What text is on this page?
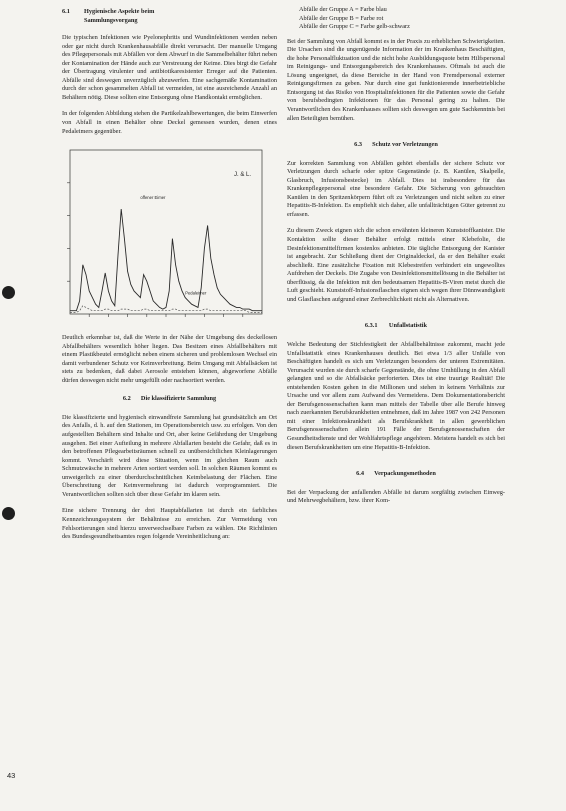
6.1	Hygienische Aspekte beim
Sammlungsvorgang

Die typischen Infektionen wie Pyelonephritis und Wundinfektionen werden neben oder gar nicht durch Krankenhausabfälle direkt verursacht. Der manuelle Umgang des Pflegepersonals mit Abfällen vor dem Abwurf in die Sammelbehälter führt neben der Kontamination der Hände auch zur Verstreuung der Keime. Dies birgt die Gefahr der Übertragung virulenter und antibiotikaresistenter Erreger auf die Patienten. Abfälle sind deswegen unverzüglich abzuwerfen. Eine sachgemäße Kontamination durch der schon gesammelten Abfall ist vermeiden, ist eine ausreichende Anzahl an Behältern nötig. Diese sollten eine Entsorgung ohne Handkontakt ermöglichen.

In der folgenden Abbildung stehen die Partikelzahlbewertungen, die beim Einwerfen von Abfall in einen Behälter ohne Deckel gemessen wurden, denen eines Pedaleimers gegenüber.

J. & L.
offener Eimer
Pedaleimer

Deutlich erkennbar ist, daß die Werte in der Nähe der Umgebung des deckellosen Abfallbehälters wesentlich höher liegen. Das Besitzen eines Abfallbehälters mit einem Plastikbeutel ermöglicht neben einem sicheren und problemlosen Wechsel ein damit verbundener Schutz vor Keimverbreitung. Beim Umgang mit Abfallsäcken ist stets zu bedenken, daß dabei Aerosole entstehen können, abgeworfene Abfälle dürfen deswegen nicht mehr umgefüllt oder nachsortiert werden.

6.2	Die klassifizierte Sammlung

Die klassifizierte und hygienisch einwandfreie Sammlung hat grundsätzlich am Ort des Anfalls, d. h. auf den Stationen, im Operationsbereich usw. zu erfolgen. Von den aufgestellten Behältern sind Inhalte und Ort, aber keine Gefährdung der Umgebung ausgehen. Bei einer Aufteilung in mehrere Abfallarten besteht die Gefahr, daß es in den betroffenen Pflegearbeitsräumen schnell zu unübersichtlichen Kleinlagerungen kommt. Verschärft wird diese Situation, wenn im gleichen Raum auch Schmutzwäsche in mehrere Arten sortiert werden soll. In solchen Räumen kommt es unweigerlich zu einer überdurchschnittlichen Keimbelastung der Flächen. Eine Überschreitung der Keimvermehrung ist dadurch vorprogrammiert. Die Verantwortlichen sollten sich über diese Gefahr im klaren sein.

Eine sichere Trennung der drei Hauptabfallarten ist durch ein farbliches Kennzeichnungssystem der Behältnisse zu erreichen. Zur Vermeidung von Fehlsortierungen sind hierzu unverwechselbare Farben zu wählen. Die Richtlinien des Bundesgesundheitsamtes regen folgende Vereinheitlichung an:

Abfälle der Gruppe A = Farbe blau
Abfälle der Gruppe B = Farbe rot
Abfälle der Gruppe C = Farbe gelb-schwarz

Bei der Sammlung von Abfall kommt es in der Praxis zu erheblichen Schwierigkeiten. Die Ursachen sind die ungenügende Information der im Krankenhaus Beschäftigten, die hohe Personalfluktuation und die nicht hohe Ausbildungsquote beim Hilfspersonal im Reinigungs- und Entsorgungsbereich des Krankenhauses. Oftmals ist auch die Lösung ungeeignet, da diese Bereiche in der Hand von Fremdpersonal externer Reinigungsfirmen zu geben. Nur durch eine gut funktionierende innerbetriebliche Entsorgung ist das Risiko von Hospitalinfektionen für die Patienten sowie die Gefahr von berufsbedingten Infektionen für das Personal gering zu halten. Die Verantwortlichen des Krankenhauses sollten sich deswegen um gute Sachkenntnis bei allen Beteiligten bemühen.

6.3	Schutz vor Verletzungen

Zur korrekten Sammlung von Abfällen gehört ebenfalls der sichere Schutz vor Verletzungen durch scharfe oder spitze Gegenstände (z. B. Kanülen, Skalpelle, Glasbruch, Infusionsbestecke) im Abfall. Dies ist insbesondere für das Krankenpflegepersonal eine besondere Gefahr. Die Sicherung von gebrauchten Kanülen in den Spritzenkörpern führt oft zu Verletzungen und nicht selten zu einer Hepatitis-B-Infektion. Es empfiehlt sich daher, alle unfallträchtigen Güter getrennt zu erfassen.

Zu diesem Zweck eignen sich die schon erwähnten kleineren Kunststoffkanister. Die Kontaktion sollte dieser Behälter erfolgt mittels einer Klebefolie, die Desinfektionsmittelfirmen kostenlos anbieten. Die tägliche Entsorgung der Kanister ist angebracht. Zur Schließung dient der Originaldeckel, da er den Behälter exakt abschließt. Eine zusätzliche Fixation mit Klebestreifen verhindert ein ungewolltes Aufdrehen der Deckels. Die Zugabe von Desinfektionsmittellösung in die Behälter ist überflüssig, da die Infektion mit den bedeutsamen Hepatitis-B-Viren meist durch die Luft geschieht. Kunststoff-Infusionsflaschen eignen sich wegen ihrer Dünnwandigkeit und Glasflaschen aufgrund einer Zerbrechlichkeit nicht als Alternativen.

6.3.1	Unfallstatistik

Welche Bedeutung der Stichfestigkeit der Abfallbehältnisse zukommt, macht jede Unfallstatistik eines Krankenhauses deutlich. Bei etwa 1/3 aller Unfälle von Beschäftigten handelt es sich um Verletzungen besonders der unteren Extremitäten. Verursacht wurden sie durch scharfe Gegenstände, die ohne Umhüllung in den Abfall gelangten und so die Abfallsäcke perforierten. Dies ist eine traurige Realität! Die entstehenden Kosten gehen in die Millionen und stehen in keinem Verhältnis zur Ursache und vor allem zum Aufwand des Vermeidens. Dem Dokumentationsbericht der Berufsgenossenschaften kann man mittels der Tabelle über alle Berufe hinweg nach zuerkannten Berufskrankheiten entnehmen, daß im Jahre 1987 von 242 Personen mit einer Infektionskrankheit als Berufskrankheit in allen gewerblichen Berufsgenossenschaften allein 191 Fälle der Berufsgenossenschaften der Gesundheitsdienste und der Wohlfahrtspflege angehören. Meistens handelt es sich bei diesen Berufskrankheiten um eine Hepatitis-B-Infektion.

6.4	Verpackungsmethoden

Bei der Verpackung der anfallenden Abfälle ist darum sorgfältig zwischen Einweg- und Mehrwegbehältern, bzw. ihrer Kom-

43
